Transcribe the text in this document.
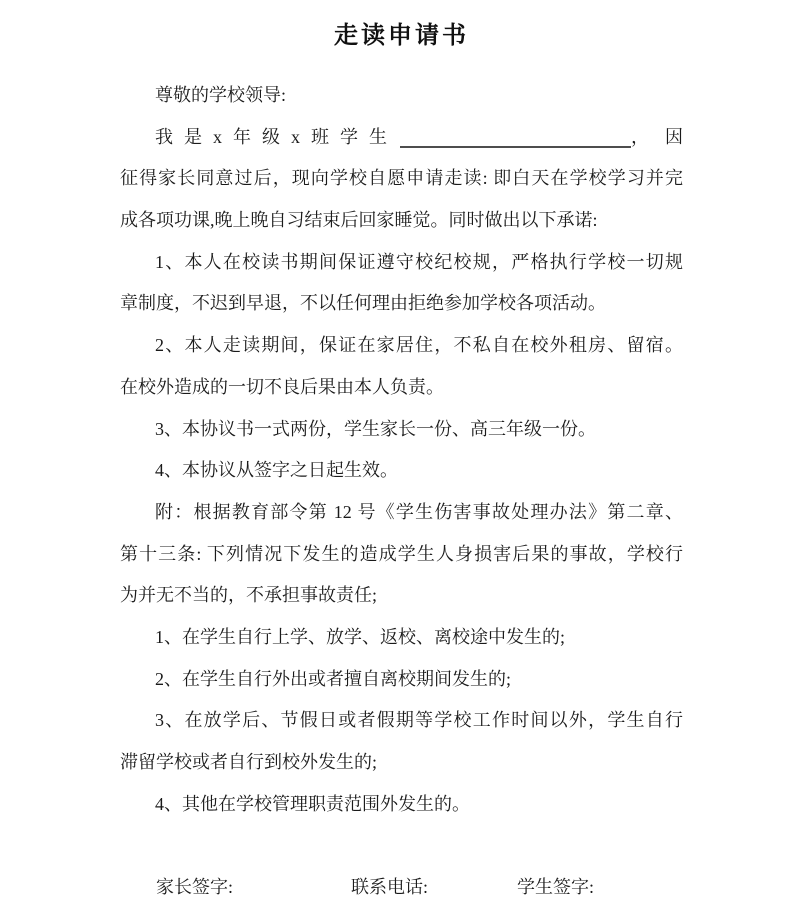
走读申请书
尊敬的学校领导:
我是x年级x班学生	， 因
征得家长同意过后，现向学校自愿申请走读: 即白天在学校学习并完
成各项功课,晚上晚自习结束后回家睡觉。同时做出以下承诺:
1、本人在校读书期间保证遵守校纪校规，严格执行学校一切规
章制度，不迟到早退，不以任何理由拒绝参加学校各项活动。
2、本人走读期间，保证在家居住，不私自在校外租房、留宿。
在校外造成的一切不良后果由本人负责。
3、本协议书一式两份，学生家长一份、高三年级一份。
4、本协议从签字之日起生效。
附：根据教育部令第 12 号《学生伤害事故处理办法》第二章、
第十三条: 下列情况下发生的造成学生人身损害后果的事故，学校行
为并无不当的，不承担事故责任;
1、在学生自行上学、放学、返校、离校途中发生的;
2、在学生自行外出或者擅自离校期间发生的;
3、在放学后、节假日或者假期等学校工作时间以外，学生自行
滞留学校或者自行到校外发生的;
4、其他在学校管理职责范围外发生的。
家长签字:	联系电话:	学生签字:
